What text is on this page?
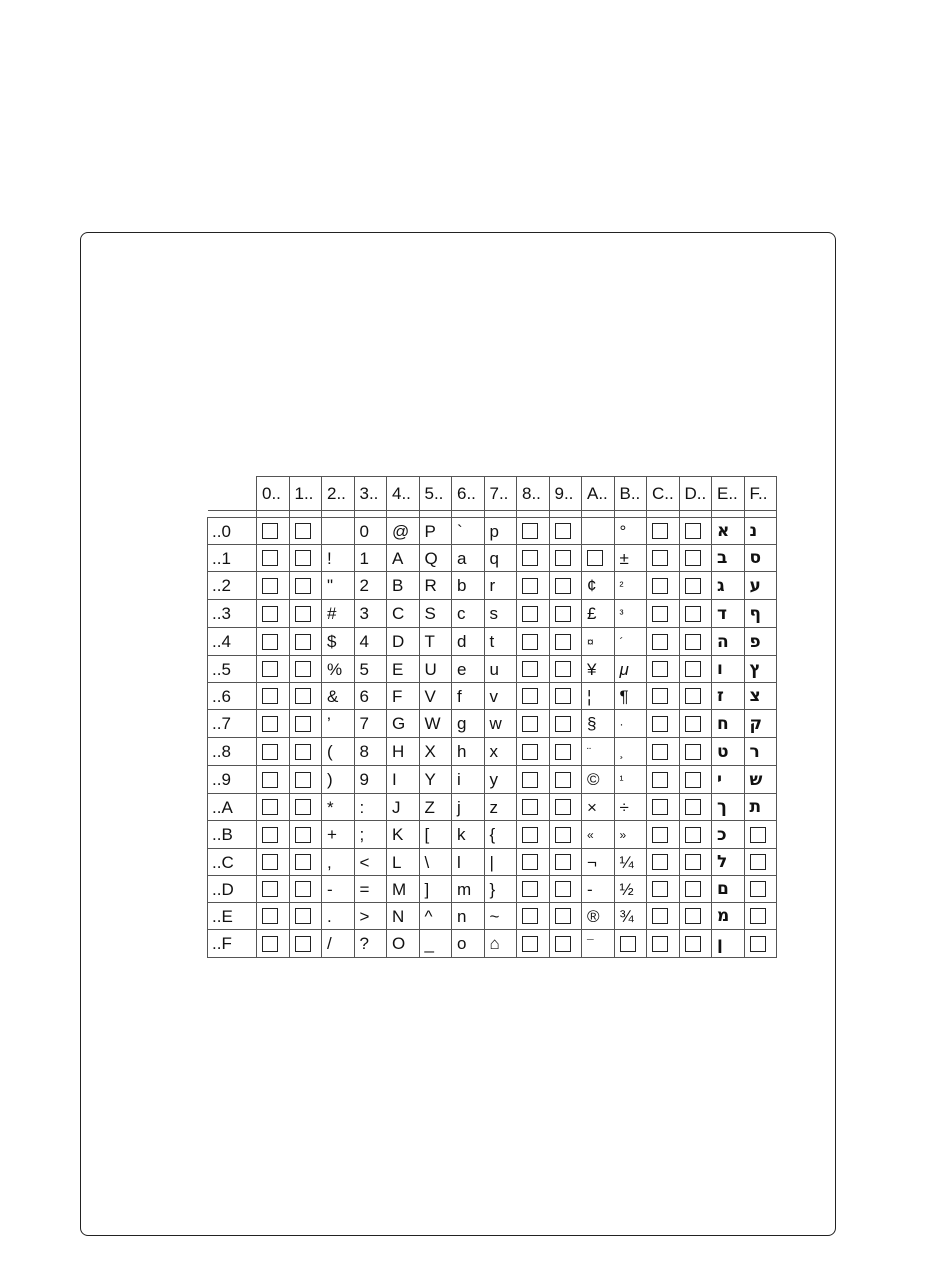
	0..	1..	2..	3..	4..	5..	6..	7..	8..	9..	A..	B..	C..	D..	E..	F..

..0				0	@	P	`	p				°			א	נ
..1			!	1	A	Q	a	q				±			ב	ס
..2			"	2	B	R	b	r			¢	²			ג	ע
..3			#	3	C	S	c	s			£	³			ד	ף
..4			$	4	D	T	d	t			¤	´			ה	פ
..5			%	5	E	U	e	u			¥	μ			ו	ץ
..6			&	6	F	V	f	v			¦	¶			ז	צ
..7			’	7	G	W	g	w			§	·			ח	ק
..8			(	8	H	X	h	x			¨	¸			ט	ר
..9			)	9	I	Y	i	y			©	¹			י	ש
..A			*	:	J	Z	j	z			×	÷			ך	ת
..B			+	;	K	[	k	{			«	»			כ	
..C			,	<	L	\	l	|			¬	¼			ל	
..D			-	=	M	]	m	}			-	½			ם	
..E			.	>	N	^	n	~			®	¾			מ	
..F			/	?	O	_	o	⌂			¯				ן	
